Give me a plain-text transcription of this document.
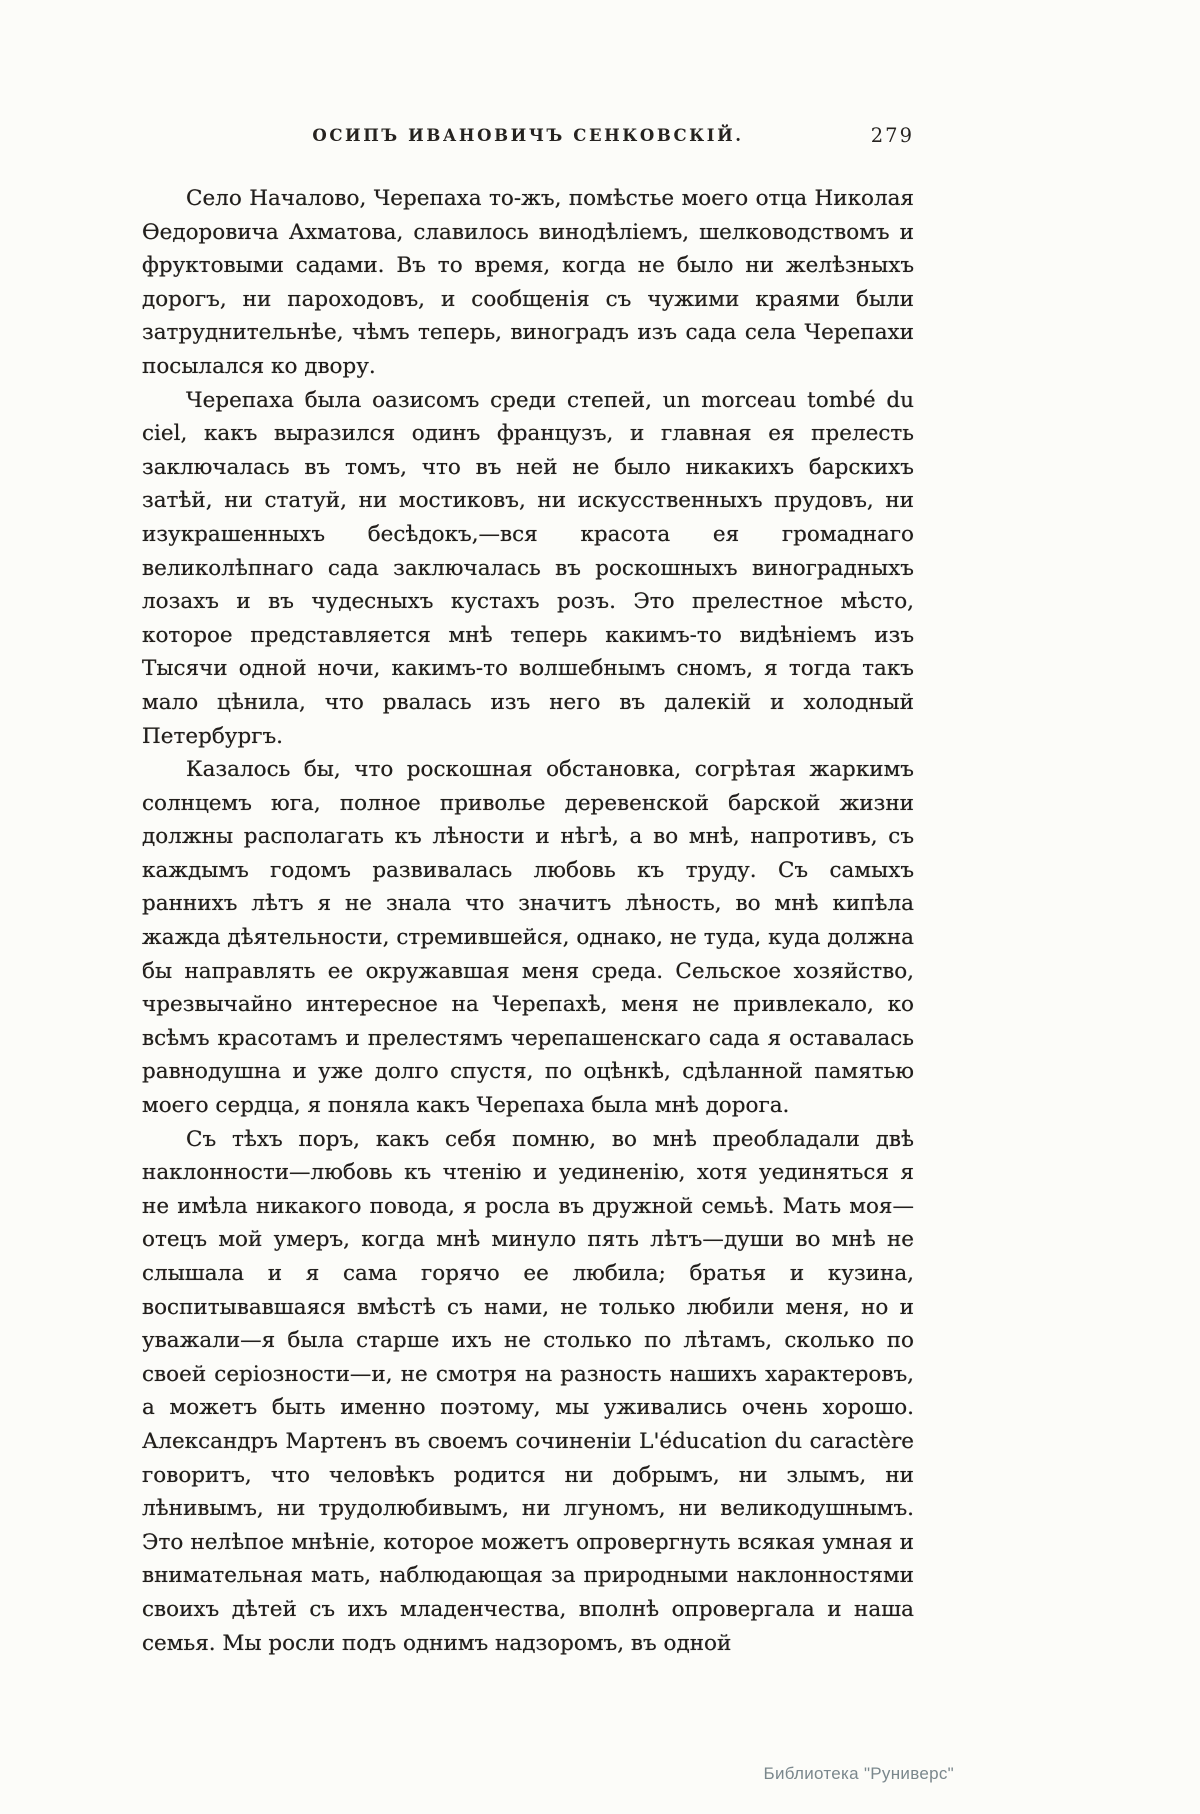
ОСИПЪ ИВАНОВИЧЪ СЕНКОВСКІЙ.	279

Село Началово, Черепаха то-жъ, помѣстье моего отца Николая Ѳедоровича Ахматова, славилось винодѣліемъ, шелководствомъ и фруктовыми садами. Въ то время, когда не было ни желѣзныхъ дорогъ, ни пароходовъ, и сообщенія съ чужими краями были затруднительнѣе, чѣмъ теперь, виноградъ изъ сада села Черепахи посылался ко двору.

Черепаха была оазисомъ среди степей, un morceau tombé du ciel, какъ выразился одинъ французъ, и главная ея прелесть заключалась въ томъ, что въ ней не было никакихъ барскихъ затѣй, ни статуй, ни мостиковъ, ни искусственныхъ прудовъ, ни изукрашенныхъ бесѣдокъ,—вся красота ея громаднаго великолѣпнаго сада заключалась въ роскошныхъ виноградныхъ лозахъ и въ чудесныхъ кустахъ розъ. Это прелестное мѣсто, которое представляется мнѣ теперь какимъ-то видѣніемъ изъ Тысячи одной ночи, какимъ-то волшебнымъ сномъ, я тогда такъ мало цѣнила, что рвалась изъ него въ далекій и холодный Петербургъ.

Казалось бы, что роскошная обстановка, согрѣтая жаркимъ солнцемъ юга, полное приволье деревенской барской жизни должны располагать къ лѣности и нѣгѣ, а во мнѣ, напротивъ, съ каждымъ годомъ развивалась любовь къ труду. Съ самыхъ раннихъ лѣтъ я не знала что значитъ лѣность, во мнѣ кипѣла жажда дѣятельности, стремившейся, однако, не туда, куда должна бы направлять ее окружавшая меня среда. Сельское хозяйство, чрезвычайно интересное на Черепахѣ, меня не привлекало, ко всѣмъ красотамъ и прелестямъ черепашенскаго сада я оставалась равнодушна и уже долго спустя, по оцѣнкѣ, сдѣланной памятью моего сердца, я поняла какъ Черепаха была мнѣ дорога.

Съ тѣхъ поръ, какъ себя помню, во мнѣ преобладали двѣ наклонности—любовь къ чтенію и уединенію, хотя уединяться я не имѣла никакого повода, я росла въ дружной семьѣ. Мать моя—отецъ мой умеръ, когда мнѣ минуло пять лѣтъ—души во мнѣ не слышала и я сама горячо ее любила; братья и кузина, воспитывавшаяся вмѣстѣ съ нами, не только любили меня, но и уважали—я была старше ихъ не столько по лѣтамъ, сколько по своей серіозности—и, не смотря на разность нашихъ характеровъ, а можетъ быть именно поэтому, мы уживались очень хорошо. Александръ Мартенъ въ своемъ сочиненіи L'éducation du caractère говоритъ, что человѣкъ родится ни добрымъ, ни злымъ, ни лѣнивымъ, ни трудолюбивымъ, ни лгуномъ, ни великодушнымъ. Это нелѣпое мнѣніе, которое можетъ опровергнуть всякая умная и внимательная мать, наблюдающая за природными наклонностями своихъ дѣтей съ ихъ младенчества, вполнѣ опровергала и наша семья. Мы росли подъ однимъ надзоромъ, въ одной

Библиотека "Руниверс"
